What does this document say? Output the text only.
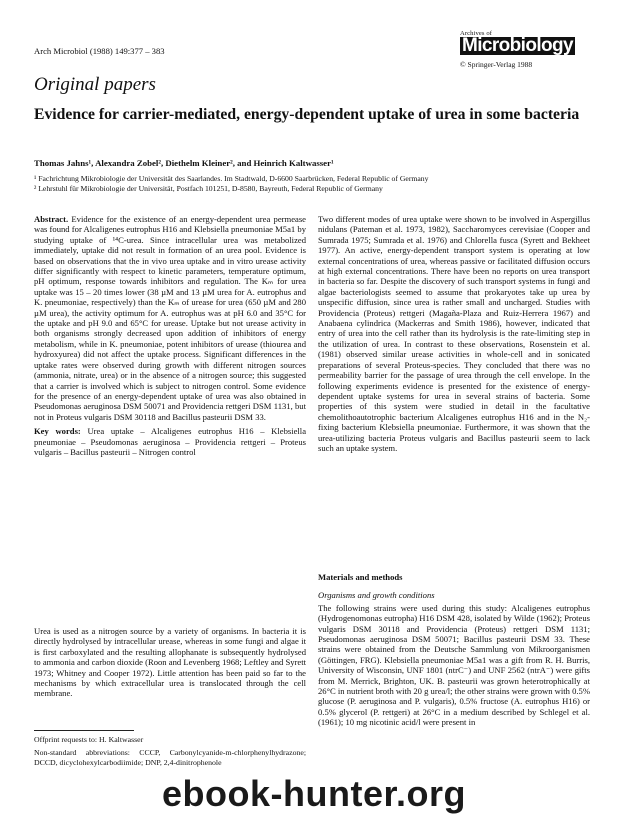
Arch Microbiol (1988) 149:377 – 383
Archives of
Microbiology
© Springer-Verlag 1988
Original papers
Evidence for carrier-mediated, energy-dependent uptake of urea in some bacteria
Thomas Jahns¹, Alexandra Zobel², Diethelm Kleiner², and Heinrich Kaltwasser¹
¹ Fachrichtung Mikrobiologie der Universität des Saarlandes. Im Stadtwald, D-6600 Saarbrücken, Federal Republic of Germany
² Lehrstuhl für Mikrobiologie der Universität, Postfach 101251, D-8580, Bayreuth, Federal Republic of Germany

Abstract. Evidence for the existence of an energy-dependent urea permease was found for Alcaligenes eutrophus H16 and Klebsiella pneumoniae M5a1 by studying uptake of ¹⁴C-urea. Since intracellular urea was metabolized immediately, uptake did not result in formation of an urea pool. Evidence is based on observations that the in vivo urea uptake and in vitro urease activity differ significantly with respect to kinetic parameters, temperature optimum, pH optimum, response towards inhibitors and regulation. The Kₘ for urea uptake was 15 – 20 times lower (38 µM and 13 µM urea for A. eutrophus and K. pneumoniae, respectively) than the Kₘ of urease for urea (650 µM and 280 µM urea), the activity optimum for A. eutrophus was at pH 6.0 and 35°C for the uptake and pH 9.0 and 65°C for urease. Uptake but not urease activity in both organisms strongly decreased upon addition of inhibitors of energy metabolism, while in K. pneumoniae, potent inhibitors of urease (thiourea and hydroxyurea) did not affect the uptake process. Significant differences in the uptake rates were observed during growth with different nitrogen sources (ammonia, nitrate, urea) or in the absence of a nitrogen source; this suggested that a carrier is involved which is subject to nitrogen control. Some evidence for the presence of an energy-dependent uptake of urea was also obtained in Pseudomonas aeruginosa DSM 50071 and Providencia rettgeri DSM 1131, but not in Proteus vulgaris DSM 30118 and Bacillus pasteurii DSM 33.

Key words: Urea uptake – Alcaligenes eutrophus H16 – Klebsiella pneumoniae – Pseudomonas aeruginosa – Providencia rettgeri – Proteus vulgaris – Bacillus pasteurii – Nitrogen control

Urea is used as a nitrogen source by a variety of organisms. In bacteria it is directly hydrolysed by intracellular urease, whereas in some fungi and algae it is first carboxylated and the resulting allophanate is subsequently hydrolysed to ammonia and carbon dioxide (Roon and Levenberg 1968; Leftley and Syrett 1973; Whitney and Cooper 1972). Little attention has been paid so far to the mechanisms by which extracellular urea is translocated through the cell membrane.

Offprint requests to: H. Kaltwasser
Non-standard abbreviations: CCCP, Carbonylcyanide-m-chlorphenylhydrazone; DCCD, dicyclohexylcarbodiimide; DNP, 2,4-dinitrophenole

Two different modes of urea uptake were shown to be involved in Aspergillus nidulans (Pateman et al. 1973, 1982), Saccharomyces cerevisiae (Cooper and Sumrada 1975; Sumrada et al. 1976) and Chlorella fusca (Syrett and Bekheet 1977). An active, energy-dependent transport system is operating at low external concentrations of urea, whereas passive or facilitated diffusion occurs at high external concentrations. There have been no reports on urea transport in bacteria so far. Despite the discovery of such transport systems in fungi and algae bacteriologists seemed to assume that prokaryotes take up urea by unspecific diffusion, since urea is rather small and uncharged. Studies with Providencia (Proteus) rettgeri (Magaña-Plaza and Ruiz-Herrera 1967) and Anabaena cylindrica (Mackerras and Smith 1986), however, indicated that entry of urea into the cell rather than its hydrolysis is the rate-limiting step in the utilization of urea. In contrast to these observations, Rosenstein et al. (1981) observed similar urease activities in whole-cell and in sonicated preparations of several Proteus-species. They concluded that there was no permeability barrier for the passage of urea through the cell envelope. In the following experiments evidence is presented for the existence of energy-dependent uptake systems for urea in several strains of bacteria. Some properties of this system were studied in detail in the facultative chemolithoautotrophic bacterium Alcaligenes eutrophus H16 and in the N₂-fixing bacterium Klebsiella pneumoniae. Furthermore, it was shown that the urea-utilizing bacteria Proteus vulgaris and Bacillus pasteurii seem to lack such an uptake system.

Materials and methods

Organisms and growth conditions

The following strains were used during this study: Alcaligenes eutrophus (Hydrogenomonas eutropha) H16 DSM 428, isolated by Wilde (1962); Proteus vulgaris DSM 30118 and Providencia (Proteus) rettgeri DSM 1131; Pseudomonas aeruginosa DSM 50071; Bacillus pasteurii DSM 33. These strains were obtained from the Deutsche Sammlung von Mikroorganismen (Göttingen, FRG). Klebsiella pneumoniae M5a1 was a gift from R. H. Burris, University of Wisconsin, UNF 1801 (ntrC⁻) and UNF 2562 (ntrA⁻) were gifts from M. Merrick, Brighton, UK. B. pasteurii was grown heterotrophically at 26°C in nutrient broth with 20 g urea/l; the other strains were grown with 0.5% glucose (P. aeruginosa and P. vulgaris), 0.5% fructose (A. eutrophus H16) or 0.5% glycerol (P. rettgeri) at 26°C in a medium described by Schlegel et al. (1961); 10 mg nicotinic acid/l were present in

ebook-hunter.org
